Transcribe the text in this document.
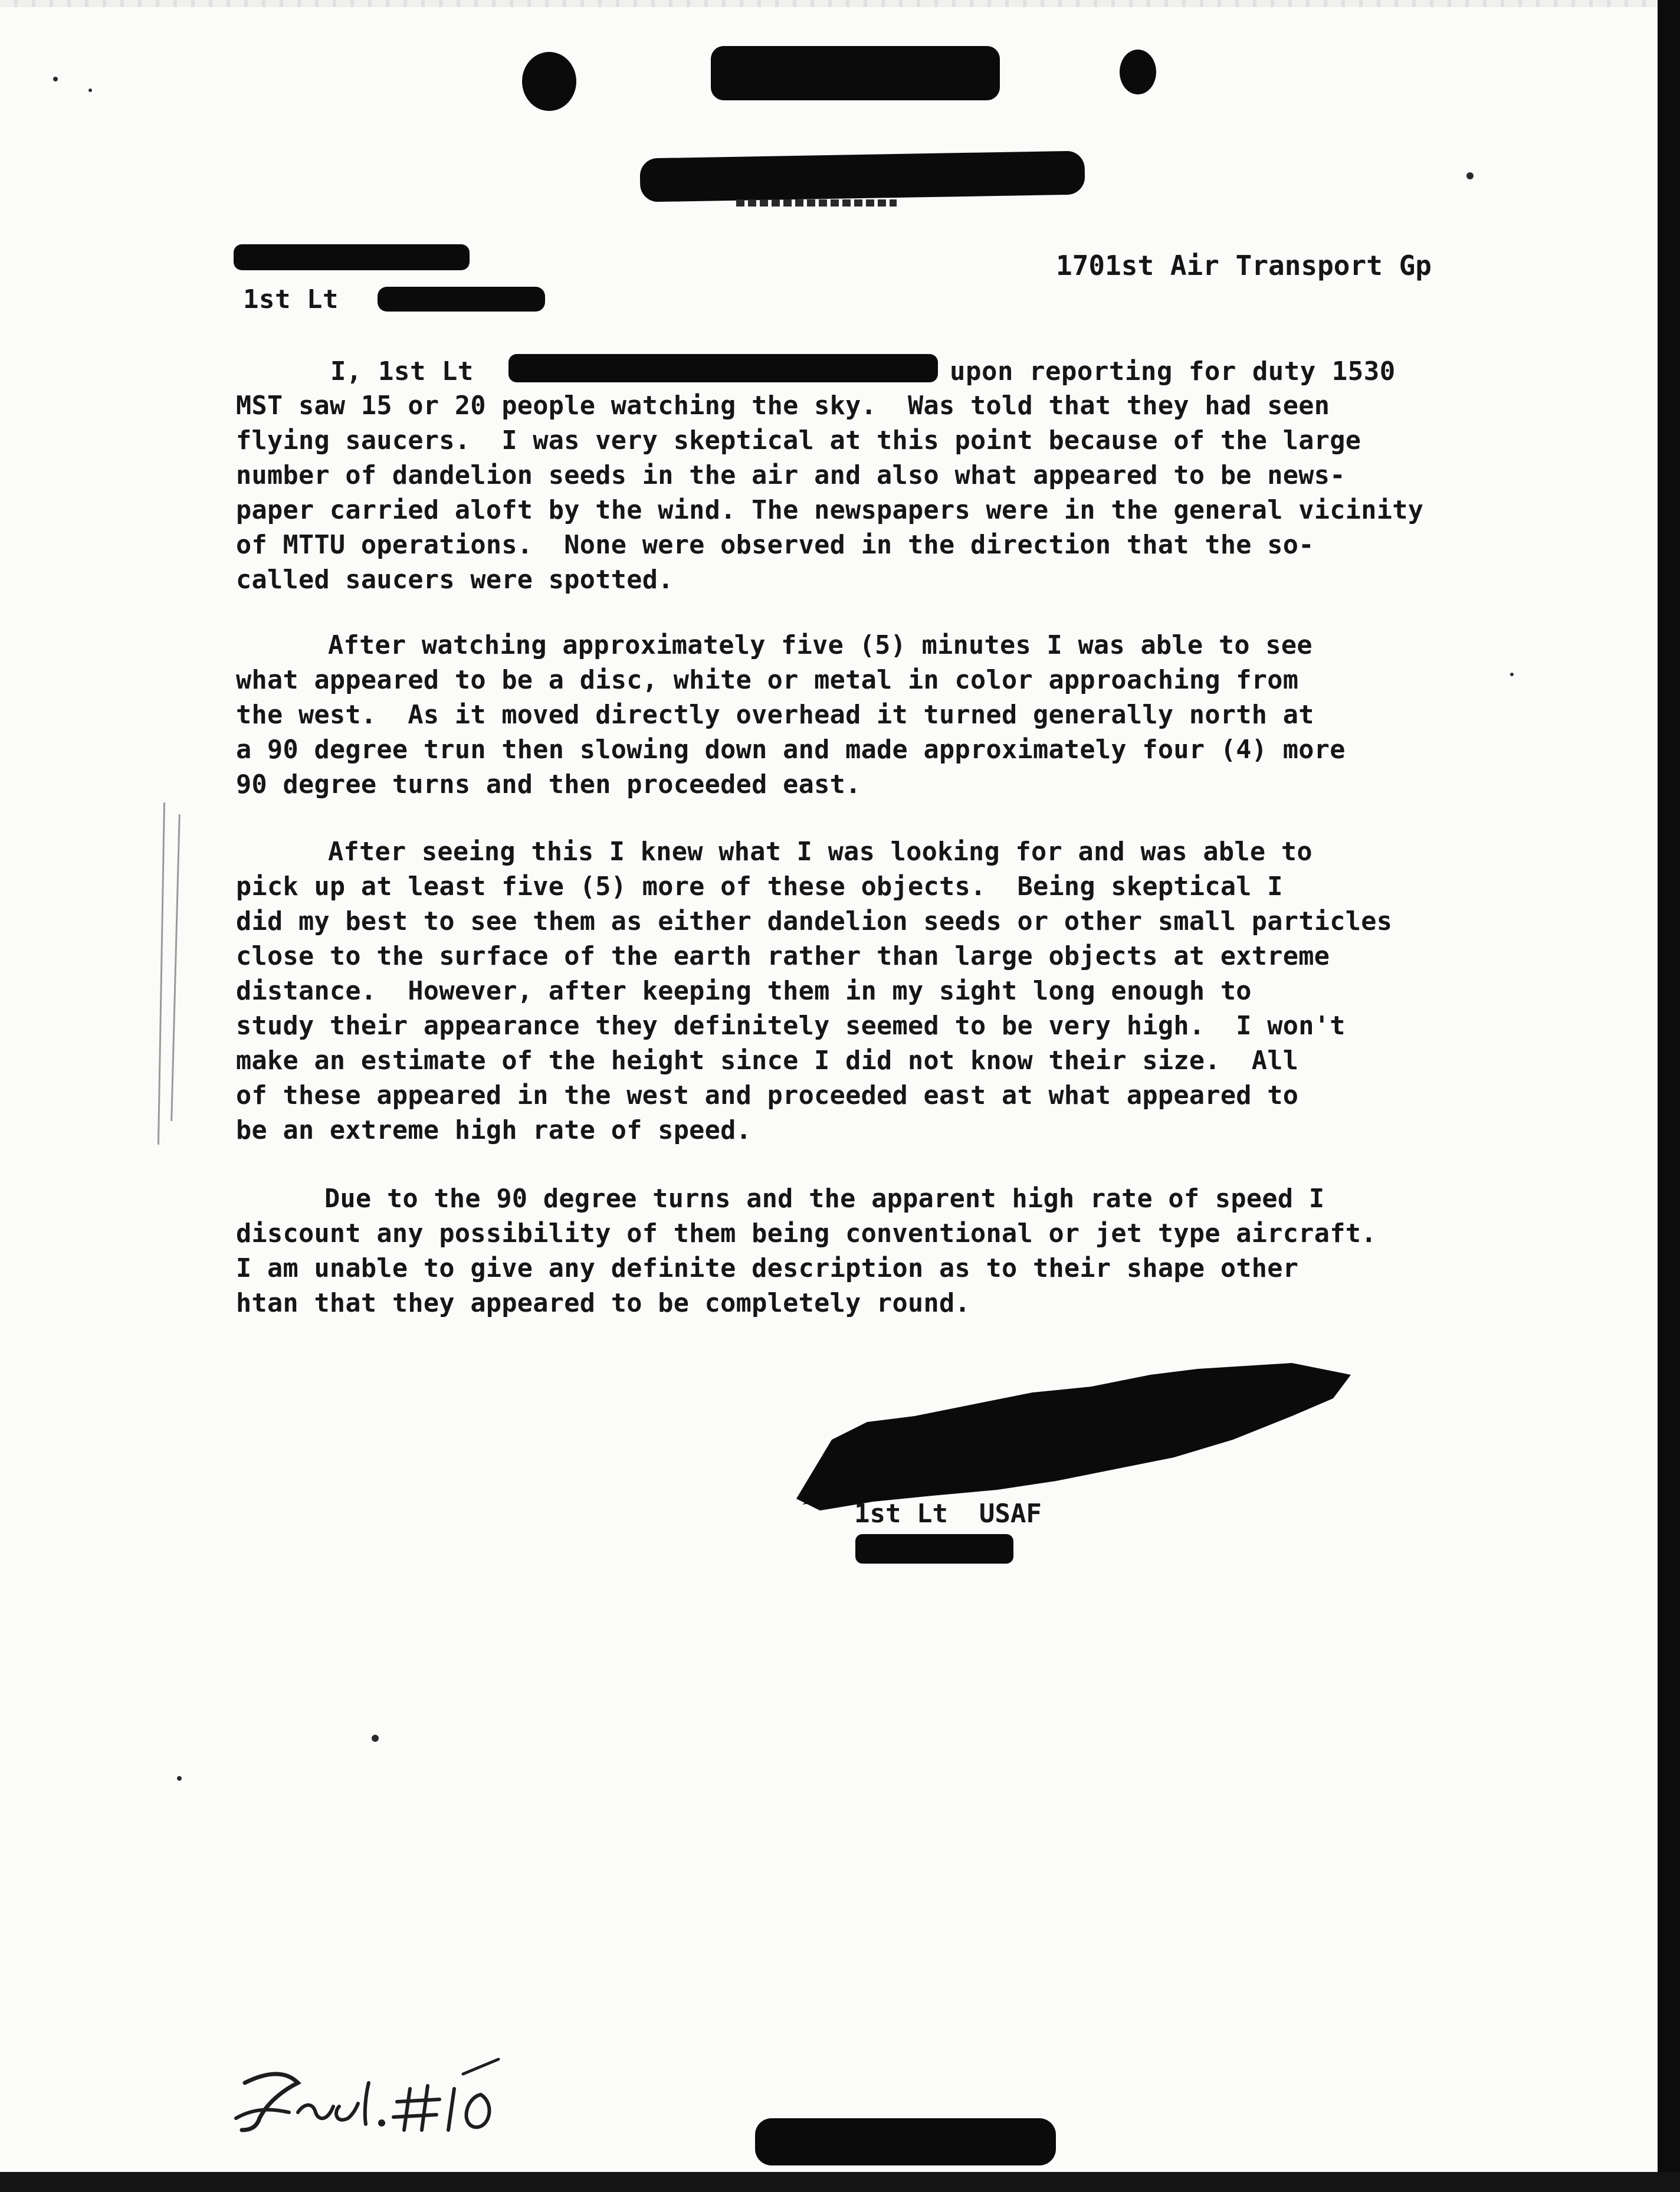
1701st Air Transport Gp
1st Lt
I, 1st Lt	upon reporting for duty 1530
MST saw 15 or 20 people watching the sky.  Was told that they had seen
flying saucers.  I was very skeptical at this point because of the large
number of dandelion seeds in the air and also what appeared to be news-
paper carried aloft by the wind. The newspapers were in the general vicinity
of MTTU operations.  None were observed in the direction that the so-
called saucers were spotted.
After watching approximately five (5) minutes I was able to see
what appeared to be a disc, white or metal in color approaching from
the west.  As it moved directly overhead it turned generally north at
a 90 degree trun then slowing down and made approximately four (4) more
90 degree turns and then proceeded east.
After seeing this I knew what I was looking for and was able to
pick up at least five (5) more of these objects.  Being skeptical I
did my best to see them as either dandelion seeds or other small particles
close to the surface of the earth rather than large objects at extreme
distance.  However, after keeping them in my sight long enough to
study their appearance they definitely seemed to be very high.  I won't
make an estimate of the height since I did not know their size.  All
of these appeared in the west and proceeded east at what appeared to
be an extreme high rate of speed.
Due to the 90 degree turns and the apparent high rate of speed I
discount any possibility of them being conventional or jet type aircraft.
I am unable to give any definite description as to their shape other
htan that they appeared to be completely round.
1st Lt  USAF
